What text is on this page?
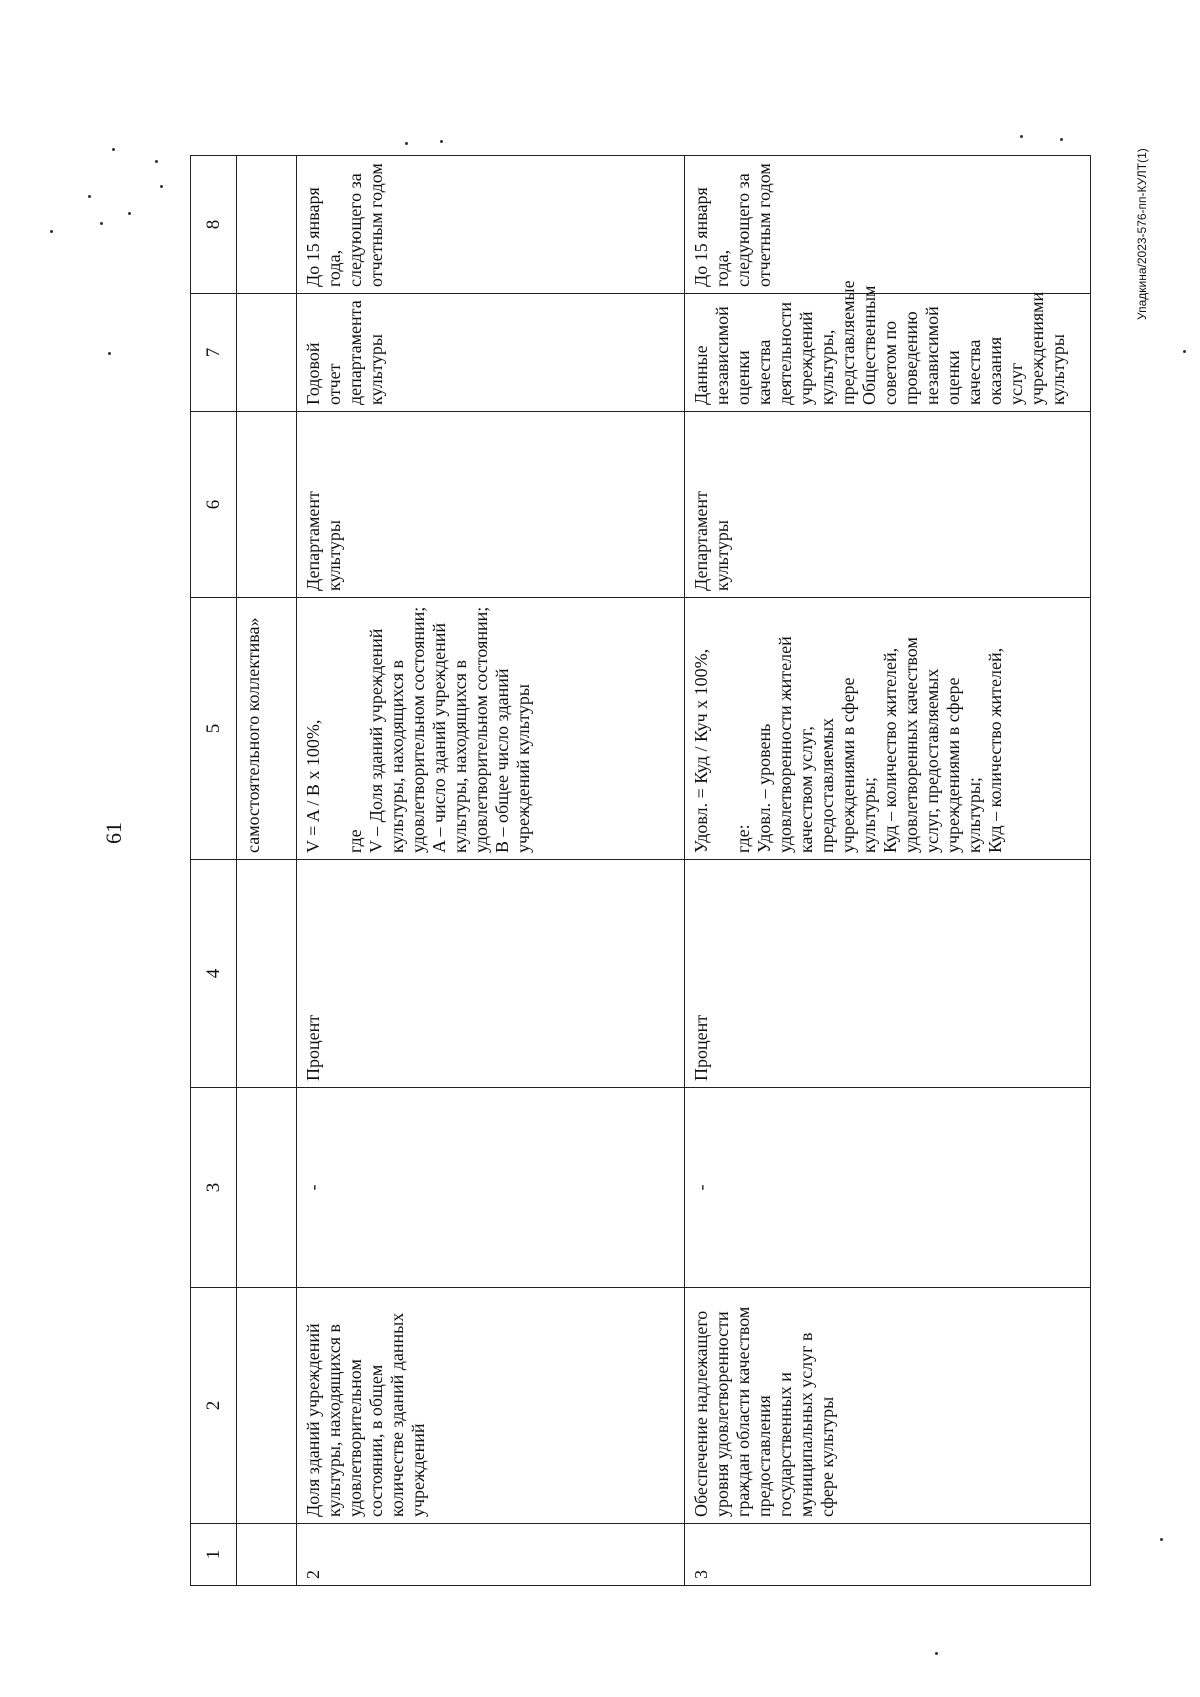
61
Упадкина/2023-576-пп-КУЛТ(1)
1	2	3	4	5	6	7	8
				самостоятельного коллектива»			
2	Доля зданий учреждений культуры, находящихся в удовлетворительном состоянии, в общем количестве зданий данных учреждений	-	Процент	V = A / B x 100%,

где
V – Доля зданий учреждений культуры, находящихся в удовлетворительном состоянии;
A – число зданий учреждений культуры, находящихся в удовлетворительном состоянии;
B – общее число зданий учреждений культуры	Департамент культуры	Годовой отчет департамента культуры	До 15 января года, следующего за отчетным годом
3	Обеспечение надлежащего уровня удовлетворенности граждан области качеством предоставления государственных и муниципальных услуг в сфере культуры	-	Процент	Удовл. = Куд / Куч х 100%,

где:
Удовл. – уровень удовлетворенности жителей качеством услуг, предоставляемых учреждениями в сфере культуры;
Куд – количество жителей, удовлетворенных качеством услуг, предоставляемых учреждениями в сфере культуры;
Куд – количество жителей,	Департамент культуры	Данные независимой оценки качества деятельности учреждений культуры, представляемые Общественным советом по проведению независимой оценки качества оказания услуг учреждениями культуры	До 15 января года, следующего за отчетным годом
